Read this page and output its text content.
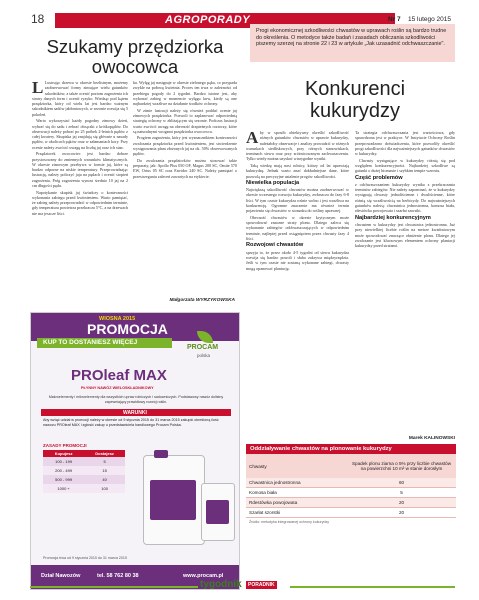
18	AGROPORADY	Nr 7 15 lutego 2015
Szukamy przędziorka owocowca

L Lustrując drzewa w okresie bezlistnym, możemy zaobserwować formy zimujące wielu gatunków szkodników, a także ocenić poziom zagrożenia ich strony danych form i ocenić ryzyko. Wiedząc pod kątem przędziorka, który od wielu lat jest bardzo ważnym szkodnikiem sadów jabłoniowych, w sezonie rozwija się 5 pokoleń.

Warto wykorzystać każdy pogodny zimowy dzień, wybrać się do sadu i zebrać obrączki z krótkopędów. Do obserwacji należy pobrać po 25 próbek 2-letnich pędów z całej kwatery. Skupiska jaj znajdują się głównie u nasady pędów, w okolicach pąków oraz w załamaniach kory. Przy ocenie należy zwrócić uwagę na liczbę jaj oraz ich stan.

Przędziorek owocowiec jest bardzo dobrze przystosowany do zmiennych warunków klimatycznych. W okresie zimowym przebywa w formie jaj, które są bardzo odporne na niskie temperatury. Przeprowadzając lustrację, należy policzyć jaja na pędach i ocenić stopień zagrożenia. Próg zagrożenia wynosi średnio 10 jaj na 2 cm długości pędu.

Napotykanie skupisk jaj świadczy o konieczności wykonania zabiegu przed kwitnieniem. Warto pamiętać, że zabieg należy przeprowadzić w odpowiednim terminie, gdy temperatura powietrza przekracza 5°C, a na drzewach nie ma jeszcze liści.

ka. Wylęg jaj następuje w okresie zielonego pąka, co przypada zwykle na połowę kwietnia. Proces ten trwa w zależności od przebiegu pogody do 2 tygodni. Bardzo istotne jest, aby wykonać zabieg w momencie wylęgu larw, kiedy są one najbardziej wrażliwe na działanie środków ochrony.

W zimie lustracji należy się również poddać ocenie jaj zimowych przędziorka. Pozwoli to zaplanować odpowiednią strategię ochrony w zbliżającym się sezonie. Podczas lustracji warto zwrócić uwagę na obecność drapieżnych roztoczy, które są naturalnymi wrogami przędziorka owocowca.

Progiem zagrożenia, który jest wyznacznikiem konieczności zwalczania przędziorka przed kwitnieniem, jest stwierdzenie występowania plam złożonych jaj na ok. 50% obserwowanych pędów.

Do zwalczania przędziorków można stosować takie preparaty, jak: Apollo Plus 050 OF, Magus 200 SC, Omite 570 EW, Ortus 05 SC oraz Envidor 240 SC. Należy pamiętać o przestrzeganiu zaleceń zawartych na etykiecie.

Małgorzata WYRZYKOWSKA
WIOSNA 2015
PROMOCJA
KUP TO DOSTANIESZ WIĘCEJ
PROCAM
polska
PROleaf MAX
PŁYNNY NAWÓZ WIELOSKŁADNIKOWY
Makroelementy i mikroelementy dla wszystkich upraw rolniczych i sadowniczych. Podstawowy nawóz dolistny zapewniający prawidłowy rozwój roślin.
WARUNKI
Aby wziąć udział w promocji należy w okresie od 9 stycznia 2015 do 31 marca 2015 zakupić określoną ilość nawozu PROleaf MAX i zgłosić zakup u przedstawiciela handlowego Procam Polska.
ZASADY PROMOCJI
Kupujesz	Dostajesz
100 - 199	5
200 - 499	15
500 - 999	40
1000 +	100
Promocja trwa od 9 stycznia 2015 do 31 marca 2015
Dział Nawozów	tel. 58 762 80 38	www.procam.pl
Progi ekonomicznej szkodliwości chwastów w uprawach roślin są bardzo trudne do określenia. O metodyce także badań i zasadach obliczania szkodliwości piszemy szerzej na stronie 22 i 23 w artykule „Jak uzasadnić odchwaszczanie".
Konkurenci kukurydzy

Aby w sposób obiektywny określić szkodliwość różnych gatunków chwastów w uprawie kukurydzy, należałoby obserwacje i analizy prowadzić w różnych warunkach siedliskowych, przy różnych stanowiskach, terminach siewu oraz przy zróżnicowanym zachwaszczeniu. Tylko wtedy można uzyskać wiarygodne wyniki.

Taką wiedzę mają nasi rolnicy, którzy od lat uprawiają kukurydzę. Jednak warto znać dokładniejsze dane, które pozwolą na precyzyjne ustalenie progów szkodliwości.

Niewielka populacja

Największą szkodliwość chwastów można zaobserwować w okresie wczesnego rozwoju kukurydzy, zwłaszcza do fazy 6-8 liści. W tym czasie kukurydza rośnie wolno i jest wrażliwa na konkurencję. Ogromne znaczenie ma również termin pojawienia się chwastów w stosunku do rośliny uprawnej.

Obecność chwastów w okresie krytycznym może spowodować znaczne straty plonu. Dlatego zaleca się wykonanie zabiegów odchwaszczających w odpowiednim terminie, najlepiej przed osiągnięciem przez chwasty fazy 4 liści.

Rozwojowi chwastów

sprzyja to, że przez około 4-5 tygodni od siewu kukurydza rozwija się bardzo powoli i słabo zakrywa międzyrzędzia. Jeśli w tym czasie nie zostaną wykonane zabiegi, chwasty mogą opanować plantację.

Ta strategia odchwaszczania jest wartościowa, gdy sprawdzona jest w praktyce. W Instytucie Ochrony Roślin przeprowadzono doświadczenia, które pozwoliły określić progi szkodliwości dla najważniejszych gatunków chwastów w kukurydzy.

Chwasty występujące w kukurydzy różnią się pod względem konkurencyjności. Najbardziej szkodliwe są gatunki o dużej biomasie i szybkim tempie wzrostu.

Część problemów

z odchwaszczaniem kukurydzy wynika z przekraczania terminów zabiegów. Nie należy zapominać, że w kukurydzy występują chwasty jednoliścienne i dwuliścienne, które różnią się wrażliwością na herbicydy. Do najważniejszych gatunków należą: chwastnica jednostronna, komosa biała, rdestówka powojowata i szarłat szorstki.

Najbardziej konkurencyjnym

chwastem w kukurydzy jest chwastnica jednostronna. Już przy niewielkiej liczbie roślin na metrze kwadratowym może spowodować znaczące obniżenie plonu. Dlatego jej zwalczanie jest kluczowym elementem ochrony plantacji kukurydzy przed stratami.

Marek KALINOWSKI
Oddziaływanie chwastów na plonowanie kukurydzy
Chwasty	Spadek plonu ziarna o 5% przy liczbie chwastów na powierzchni 10 m² w stanie dorosłym
Chwastnica jednostronna	60
Komosa biała	5
Rdestówka powojowata	20
Szarłat szorstki	20
Źródło: metodyka integrowanej ochrony kukurydzy
tygodnik	PORADNIK
